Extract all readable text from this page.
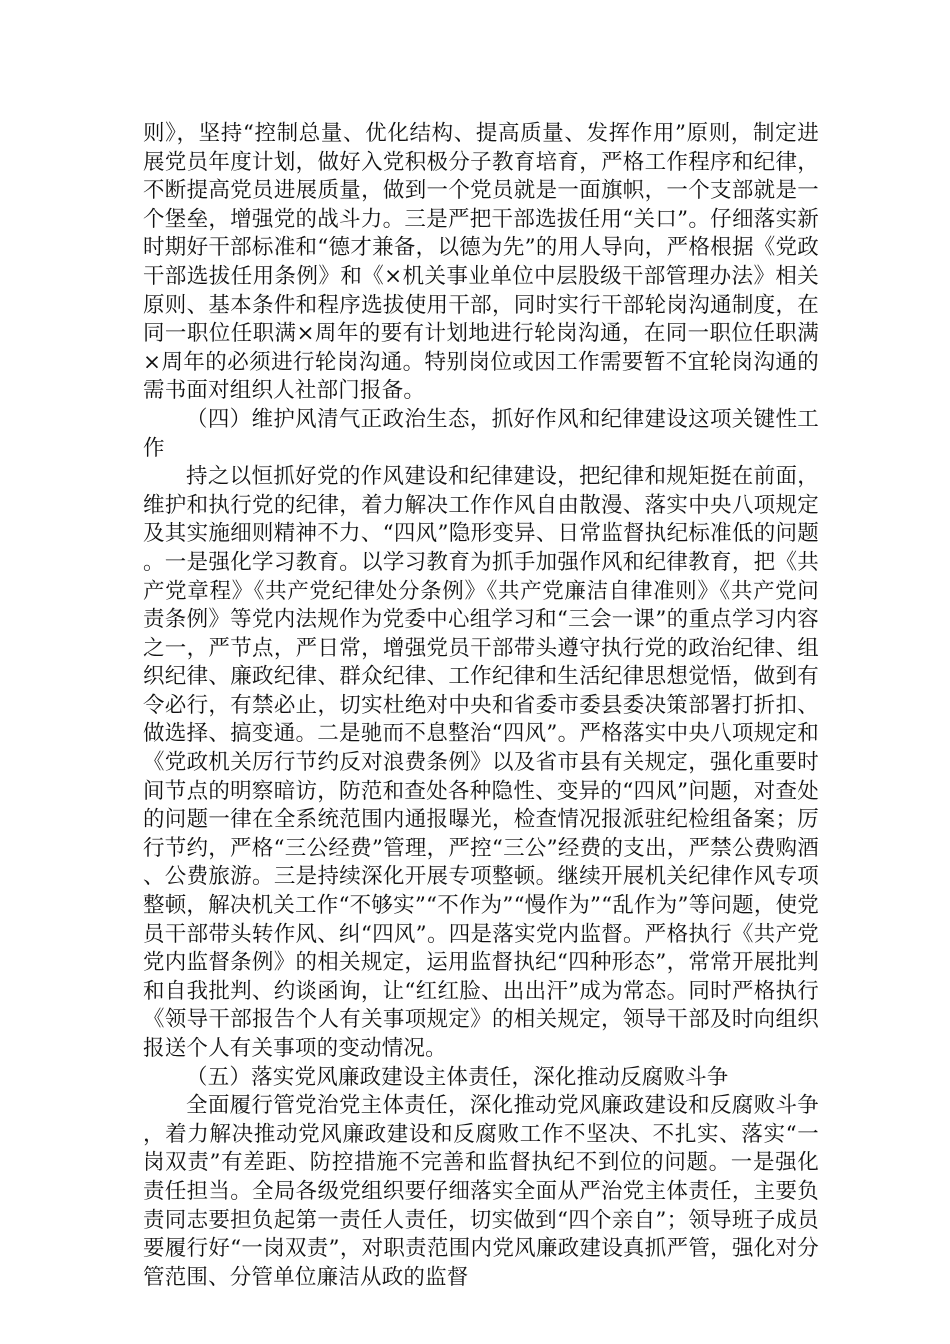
则》，坚持“控制总量、优化结构、提高质量、发挥作用”原则，制定进展党员年度计划，做好入党积极分子教育培育，严格工作程序和纪律，不断提高党员进展质量，做到一个党员就是一面旗帜，一个支部就是一个堡垒，增强党的战斗力。三是严把干部选拔任用“关口”。仔细落实新时期好干部标准和“德才兼备，以德为先”的用人导向，严格根据《党政干部选拔任用条例》和《×机关事业单位中层股级干部管理办法》相关原则、基本条件和程序选拔使用干部，同时实行干部轮岗沟通制度，在同一职位任职满×周年的要有计划地进行轮岗沟通，在同一职位任职满×周年的必须进行轮岗沟通。特别岗位或因工作需要暂不宜轮岗沟通的需书面对组织人社部门报备。

（四）维护风清气正政治生态，抓好作风和纪律建设这项关键性工作

持之以恒抓好党的作风建设和纪律建设，把纪律和规矩挺在前面，维护和执行党的纪律，着力解决工作作风自由散漫、落实中央八项规定及其实施细则精神不力、“四风”隐形变异、日常监督执纪标准低的问题。一是强化学习教育。以学习教育为抓手加强作风和纪律教育，把《共产党章程》《共产党纪律处分条例》《共产党廉洁自律准则》《共产党问责条例》等党内法规作为党委中心组学习和“三会一课”的重点学习内容之一，严节点，严日常，增强党员干部带头遵守执行党的政治纪律、组织纪律、廉政纪律、群众纪律、工作纪律和生活纪律思想觉悟，做到有令必行，有禁必止，切实杜绝对中央和省委市委县委决策部署打折扣、做选择、搞变通。二是驰而不息整治“四风”。严格落实中央八项规定和《党政机关厉行节约反对浪费条例》以及省市县有关规定，强化重要时间节点的明察暗访，防范和查处各种隐性、变异的“四风”问题，对查处的问题一律在全系统范围内通报曝光，检查情况报派驻纪检组备案；厉行节约，严格“三公经费”管理，严控“三公”经费的支出，严禁公费购酒、公费旅游。三是持续深化开展专项整顿。继续开展机关纪律作风专项整顿，解决机关工作“不够实”“不作为”“慢作为”“乱作为”等问题，使党员干部带头转作风、纠“四风”。四是落实党内监督。严格执行《共产党党内监督条例》的相关规定，运用监督执纪“四种形态”，常常开展批判和自我批判、约谈函询，让“红红脸、出出汗”成为常态。同时严格执行《领导干部报告个人有关事项规定》的相关规定，领导干部及时向组织报送个人有关事项的变动情况。

（五）落实党风廉政建设主体责任，深化推动反腐败斗争

全面履行管党治党主体责任，深化推动党风廉政建设和反腐败斗争，着力解决推动党风廉政建设和反腐败工作不坚决、不扎实、落实“一岗双责”有差距、防控措施不完善和监督执纪不到位的问题。一是强化责任担当。全局各级党组织要仔细落实全面从严治党主体责任，主要负责同志要担负起第一责任人责任，切实做到“四个亲自”；领导班子成员要履行好“一岗双责”，对职责范围内党风廉政建设真抓严管，强化对分管范围、分管单位廉洁从政的监督
